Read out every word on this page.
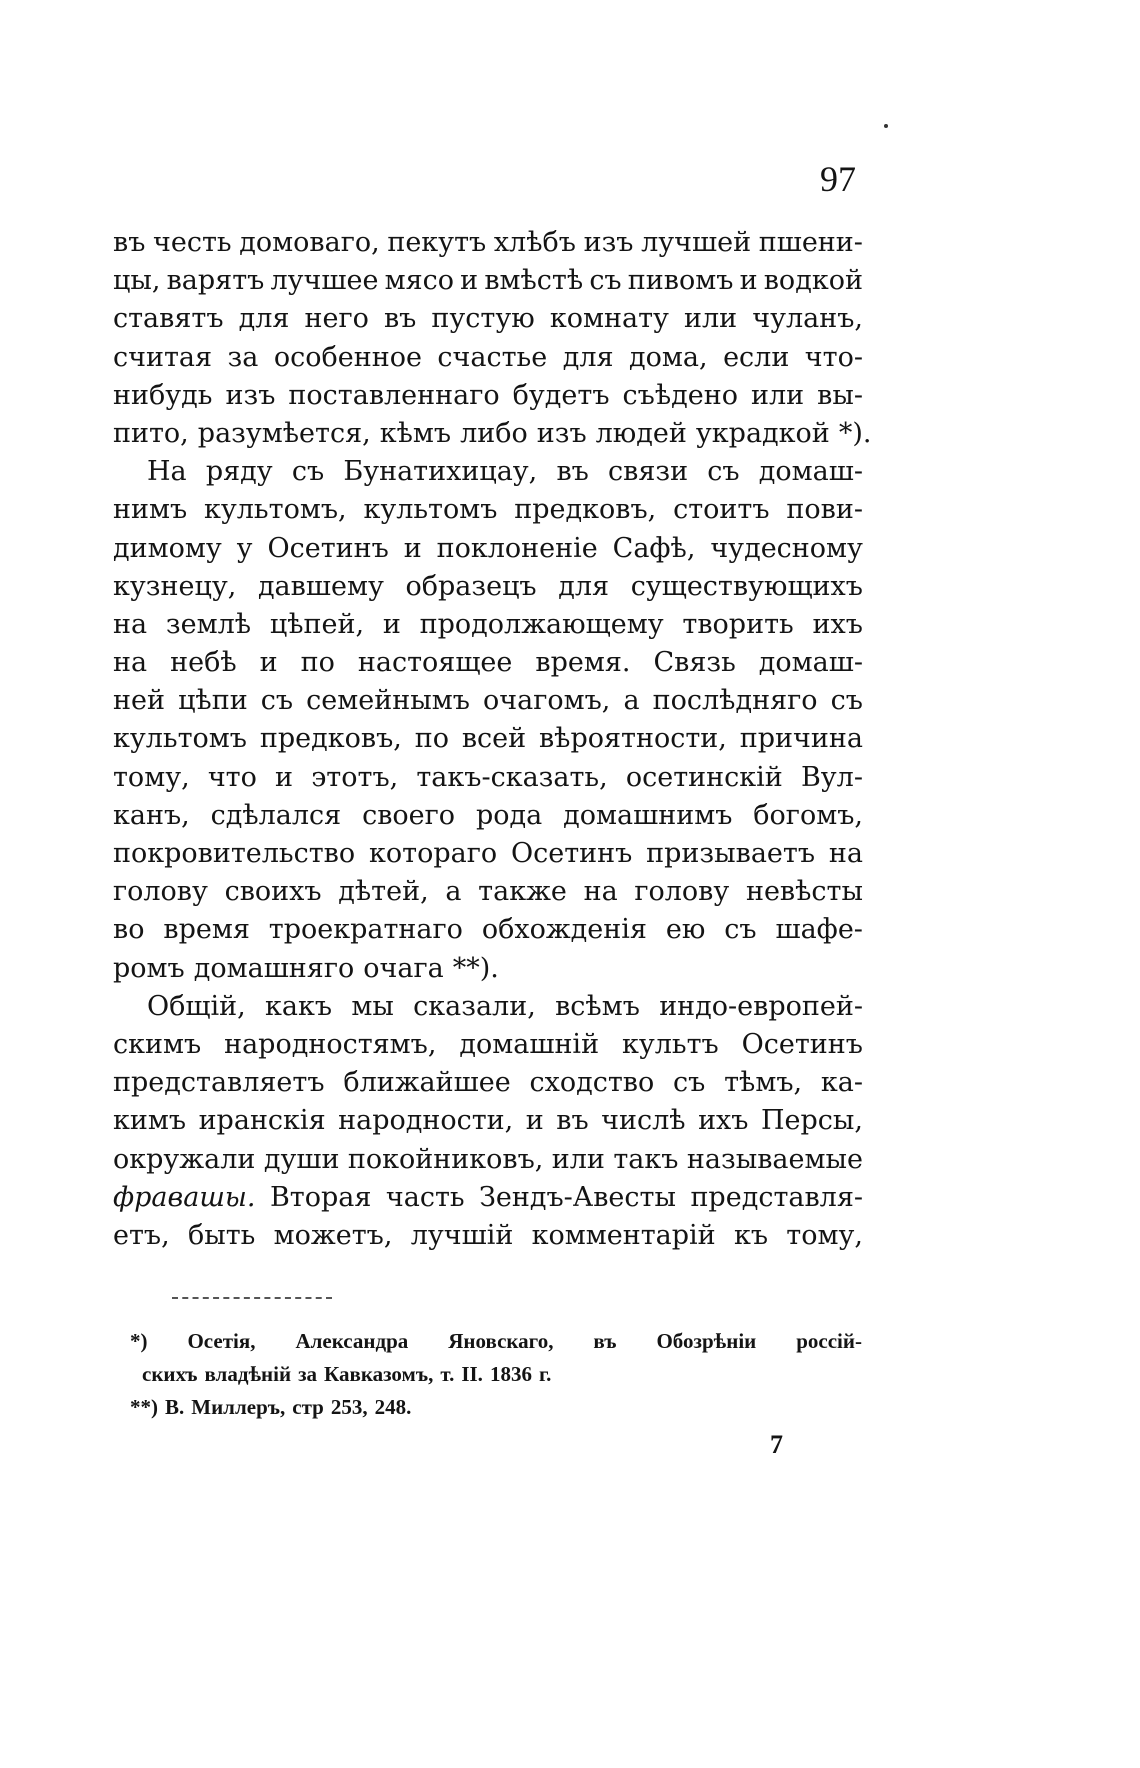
97
въ честь домоваго, пекутъ хлѣбъ изъ лучшей пшени-
цы, варятъ лучшее мясо и вмѣстѣ съ пивомъ и водкой
ставятъ для него въ пустую комнату или чуланъ,
считая за особенное счастье для дома, если что-
нибудь изъ поставленнаго будетъ съѣдено или вы-
пито, разумѣется, кѣмъ либо изъ людей украдкой *).
На ряду съ Бунатихицау, въ связи съ домаш-
нимъ культомъ, культомъ предковъ, стоитъ пови-
димому у Осетинъ и поклоненіе Сафѣ, чудесному
кузнецу, давшему образецъ для существующихъ
на землѣ цѣпей, и продолжающему творить ихъ
на небѣ и по настоящее время. Связь домаш-
ней цѣпи съ семейнымъ очагомъ, а послѣдняго съ
культомъ предковъ, по всей вѣроятности, причина
тому, что и этотъ, такъ-сказать, осетинскій Вул-
канъ, сдѣлался своего рода домашнимъ богомъ,
покровительство котораго Осетинъ призываетъ на
голову своихъ дѣтей, а также на голову невѣсты
во время троекратнаго обхожденія ею съ шафе-
ромъ домашняго очага **).
Общій, какъ мы сказали, всѣмъ индо-европей-
скимъ народностямъ, домашній культъ Осетинъ
представляетъ ближайшее сходство съ тѣмъ, ка-
кимъ иранскія народности, и въ числѣ ихъ Персы,
окружали души покойниковъ, или такъ называемые
фравашы. Вторая часть Зендъ-Авесты представля-
етъ, быть можетъ, лучшій комментарій къ тому,
*) Осетія, Александра Яновскаго, въ Обозрѣніи россій-
скихъ владѣній за Кавказомъ, т. II. 1836 г.
**) В. Миллеръ, стр 253, 248.
7
